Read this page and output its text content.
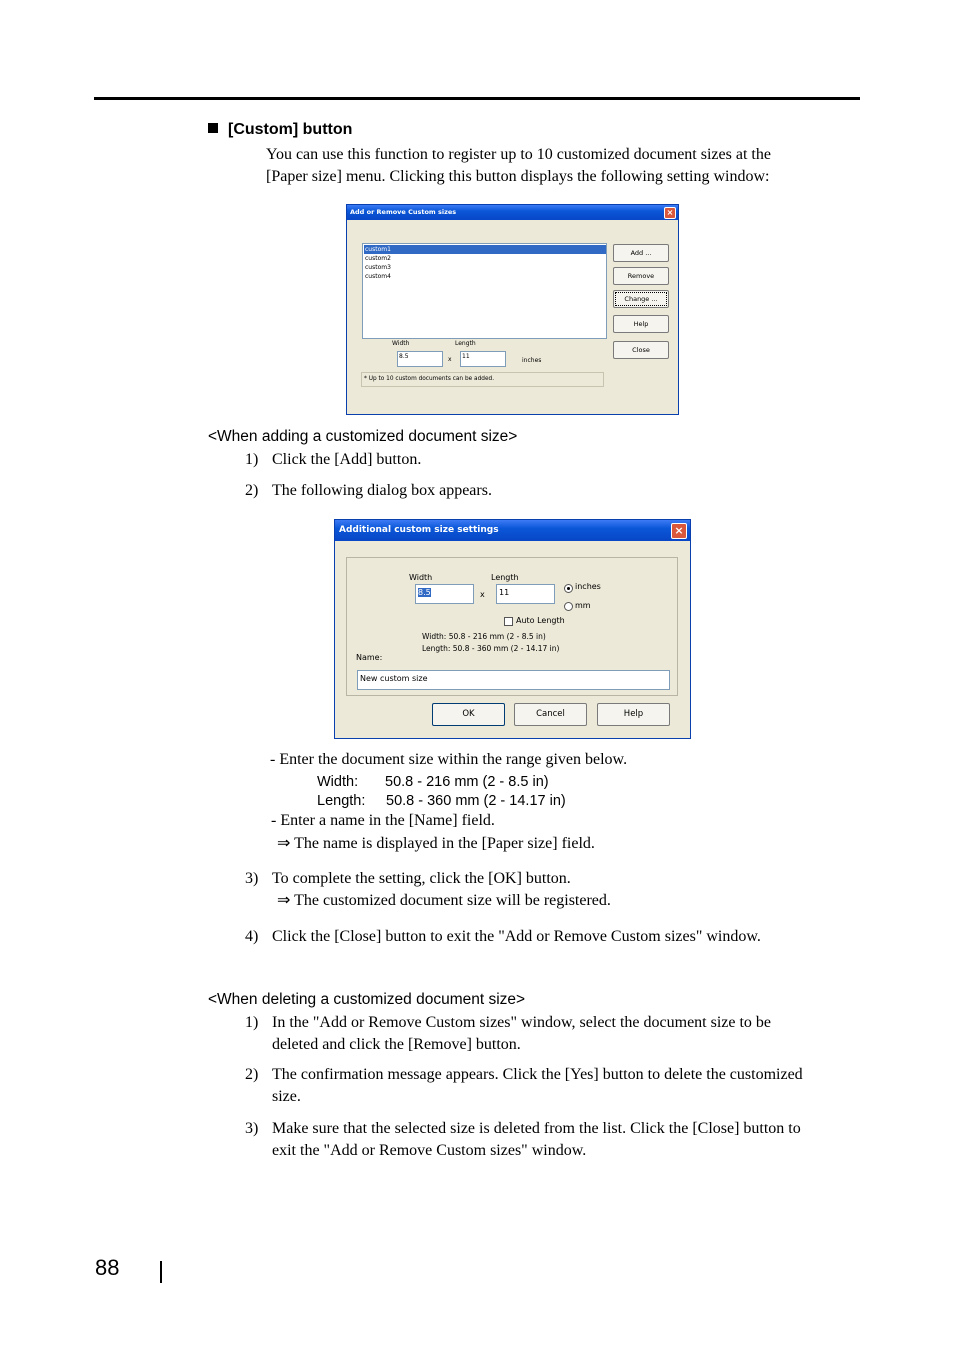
[Custom] button
You can use this function to register up to 10 customized document sizes at the
[Paper size] menu. Clicking this button displays the following setting window:
Add or Remove Custom sizes	×
custom1
custom2
custom3
custom4
Add ...
Remove
Change ...
Help
Close
Width	Length
8.5	x	11
inches
* Up to 10 custom documents can be added.
<When adding a customized document size>
1) Click the [Add] button.
2) The following dialog box appears.
Additional custom size settings	×
Width	Length
8.5	x	11
inches
mm
Auto Length
Width: 50.8 - 216 mm (2 - 8.5 in)
Length: 50.8 - 360 mm (2 - 14.17 in)
Name:
New custom size
OK	Cancel	Help
- Enter the document size within the range given below.
Width: 50.8 - 216 mm (2 - 8.5 in)
Length: 50.8 - 360 mm (2 - 14.17 in)
- Enter a name in the [Name] field.
⇒ The name is displayed in the [Paper size] field.
3) To complete the setting, click the [OK] button.
⇒ The customized document size will be registered.
4) Click the [Close] button to exit the "Add or Remove Custom sizes" window.
<When deleting a customized document size>
1) In the "Add or Remove Custom sizes" window, select the document size to be
deleted and click the [Remove] button.
2) The confirmation message appears. Click the [Yes] button to delete the customized
size.
3) Make sure that the selected size is deleted from the list. Click the [Close] button to
exit the "Add or Remove Custom sizes" window.
88
